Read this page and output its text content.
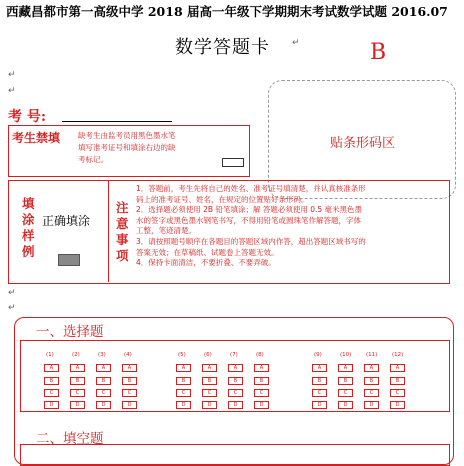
西藏昌都市第一高级中学 2018 届高一年级下学期期末考试数学试题 2016.07
数学答题卡 ↵	B
↵
↵
考 号:
贴条形码区
考生禁填 缺考生由监考员用黑色墨水笔
填写准考证号和填涂右边的缺
考标记。
填涂样例
正确填涂
注意事项
1．答题前，考生先将自己的姓名、准考证号填清楚，并认真核准条形
码上的准考证号、姓名，在规定的位置贴好条形码。
2．选择题必须使用 2B 铅笔填涂；解 答题必须使用 0.5 毫米黑色墨
水的签字或黑色墨水钢笔书写，不得用铅笔或圆珠笔作解答题，字体
工整，笔迹清楚。
3．请按照题号顺序在各题目的答题区域内作答，超出答题区域书写的
答案无效；在草稿纸、试题卷上答题无效。
4．保持卡面清洁，不要折叠、不要弄破。
↵
↵
一、选择题
(1)
A
B
C
D
(2)
A
B
C
D
(3)
A
B
C
D
(4)
A
B
C
D
(5)
A
B
C
D
(6)
A
B
C
D
(7)
A
B
C
D
(8)
A
B
C
D
(9)
A
B
C
D
(10)
A
B
C
D
(11)
A
B
C
D
(12)
A
B
C
D
二、填空题
